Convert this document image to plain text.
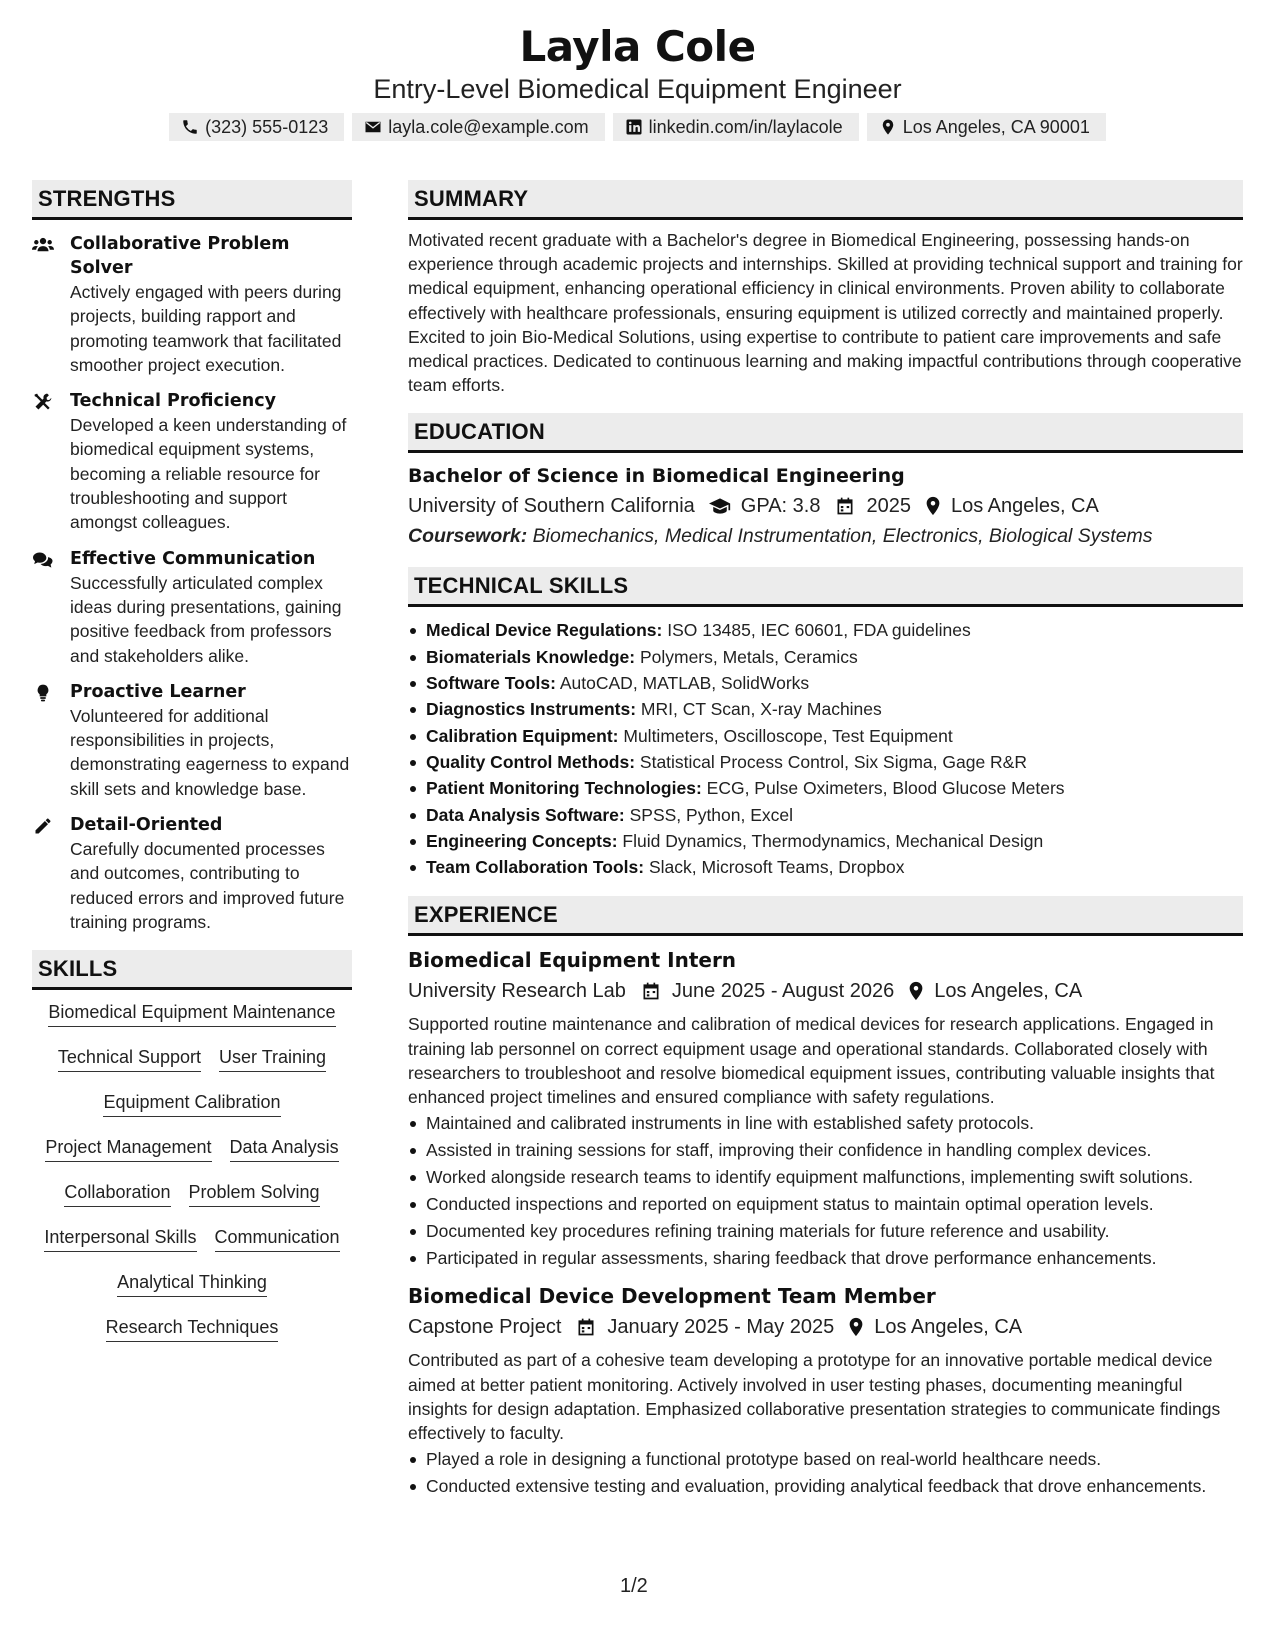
Layla Cole
Entry-Level Biomedical Equipment Engineer
(323) 555-0123	layla.cole@example.com	linkedin.com/in/laylacole	Los Angeles, CA 90001
STRENGTHS
Collaborative Problem Solver
Actively engaged with peers during projects, building rapport and promoting teamwork that facilitated smoother project execution.
Technical Proficiency
Developed a keen understanding of biomedical equipment systems, becoming a reliable resource for troubleshooting and support amongst colleagues.
Effective Communication
Successfully articulated complex ideas during presentations, gaining positive feedback from professors and stakeholders alike.
Proactive Learner
Volunteered for additional responsibilities in projects, demonstrating eagerness to expand skill sets and knowledge base.
Detail-Oriented
Carefully documented processes and outcomes, contributing to reduced errors and improved future training programs.
SKILLS
Biomedical Equipment Maintenance
Technical Support User Training
Equipment Calibration
Project Management Data Analysis
Collaboration Problem Solving
Interpersonal Skills Communication
Analytical Thinking
Research Techniques
SUMMARY
Motivated recent graduate with a Bachelor's degree in Biomedical Engineering, possessing hands-on experience through academic projects and internships. Skilled at providing technical support and training for medical equipment, enhancing operational efficiency in clinical environments. Proven ability to collaborate effectively with healthcare professionals, ensuring equipment is utilized correctly and maintained properly. Excited to join Bio-Medical Solutions, using expertise to contribute to patient care improvements and safe medical practices. Dedicated to continuous learning and making impactful contributions through cooperative team efforts.
EDUCATION
Bachelor of Science in Biomedical Engineering
University of Southern California GPA: 3.8 2025 Los Angeles, CA
Coursework: Biomechanics, Medical Instrumentation, Electronics, Biological Systems
TECHNICAL SKILLS
Medical Device Regulations: ISO 13485, IEC 60601, FDA guidelines
Biomaterials Knowledge: Polymers, Metals, Ceramics
Software Tools: AutoCAD, MATLAB, SolidWorks
Diagnostics Instruments: MRI, CT Scan, X-ray Machines
Calibration Equipment: Multimeters, Oscilloscope, Test Equipment
Quality Control Methods: Statistical Process Control, Six Sigma, Gage R&R
Patient Monitoring Technologies: ECG, Pulse Oximeters, Blood Glucose Meters
Data Analysis Software: SPSS, Python, Excel
Engineering Concepts: Fluid Dynamics, Thermodynamics, Mechanical Design
Team Collaboration Tools: Slack, Microsoft Teams, Dropbox
EXPERIENCE
Biomedical Equipment Intern
University Research Lab June 2025 - August 2026 Los Angeles, CA
Supported routine maintenance and calibration of medical devices for research applications. Engaged in training lab personnel on correct equipment usage and operational standards. Collaborated closely with researchers to troubleshoot and resolve biomedical equipment issues, contributing valuable insights that enhanced project timelines and ensured compliance with safety regulations.
Maintained and calibrated instruments in line with established safety protocols.
Assisted in training sessions for staff, improving their confidence in handling complex devices.
Worked alongside research teams to identify equipment malfunctions, implementing swift solutions.
Conducted inspections and reported on equipment status to maintain optimal operation levels.
Documented key procedures refining training materials for future reference and usability.
Participated in regular assessments, sharing feedback that drove performance enhancements.
Biomedical Device Development Team Member
Capstone Project January 2025 - May 2025 Los Angeles, CA
Contributed as part of a cohesive team developing a prototype for an innovative portable medical device aimed at better patient monitoring. Actively involved in user testing phases, documenting meaningful insights for design adaptation. Emphasized collaborative presentation strategies to communicate findings effectively to faculty.
Played a role in designing a functional prototype based on real-world healthcare needs.
Conducted extensive testing and evaluation, providing analytical feedback that drove enhancements.
1/2
